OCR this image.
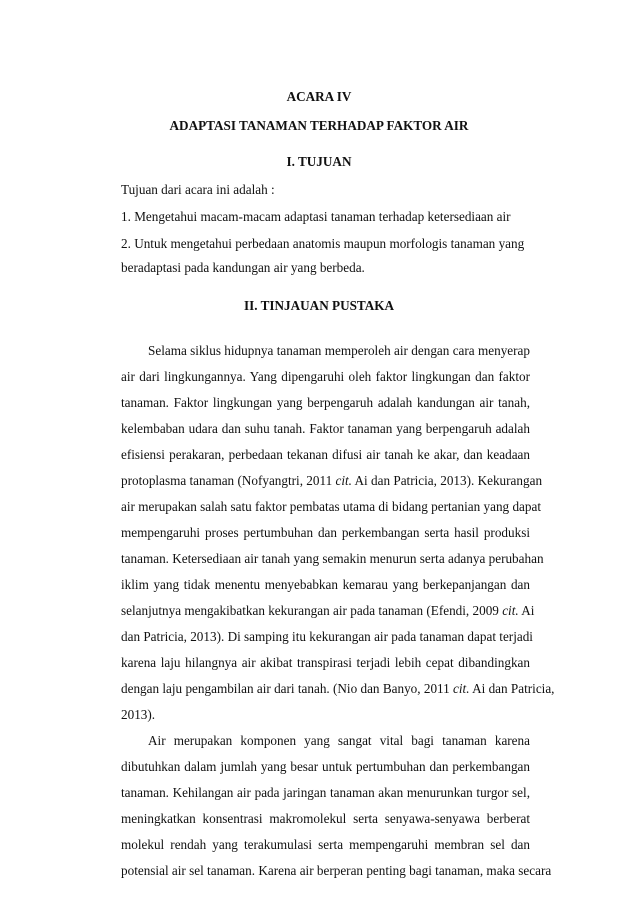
ACARA IV
ADAPTASI TANAMAN TERHADAP FAKTOR AIR
I. TUJUAN
Tujuan dari acara ini adalah :
1. Mengetahui macam-macam adaptasi tanaman terhadap ketersediaan air
2. Untuk mengetahui perbedaan anatomis maupun morfologis tanaman yang
beradaptasi pada kandungan air yang berbeda.
II. TINJAUAN PUSTAKA
Selama siklus hidupnya tanaman memperoleh air dengan cara menyerap
air dari lingkungannya. Yang dipengaruhi oleh faktor lingkungan dan faktor
tanaman. Faktor lingkungan yang berpengaruh adalah kandungan air tanah,
kelembaban udara dan suhu tanah. Faktor tanaman yang berpengaruh adalah
efisiensi perakaran, perbedaan tekanan difusi air tanah ke akar, dan keadaan
protoplasma tanaman (Nofyangtri, 2011 cit. Ai dan Patricia, 2013). Kekurangan
air merupakan salah satu faktor pembatas utama di bidang pertanian yang dapat
mempengaruhi proses pertumbuhan dan perkembangan serta hasil produksi
tanaman. Ketersediaan air tanah yang semakin menurun serta adanya perubahan
iklim yang tidak menentu menyebabkan kemarau yang berkepanjangan dan
selanjutnya mengakibatkan kekurangan air pada tanaman (Efendi, 2009 cit. Ai
dan Patricia, 2013). Di samping itu kekurangan air pada tanaman dapat terjadi
karena laju hilangnya air akibat transpirasi terjadi lebih cepat dibandingkan
dengan laju pengambilan air dari tanah. (Nio dan Banyo, 2011 cit. Ai dan Patricia,
2013).
Air merupakan komponen yang sangat vital bagi tanaman karena
dibutuhkan dalam jumlah yang besar untuk pertumbuhan dan perkembangan
tanaman. Kehilangan air pada jaringan tanaman akan menurunkan turgor sel,
meningkatkan konsentrasi makromolekul serta senyawa-senyawa berberat
molekul rendah yang terakumulasi serta mempengaruhi membran sel dan
potensial air sel tanaman. Karena air berperan penting bagi tanaman, maka secara
